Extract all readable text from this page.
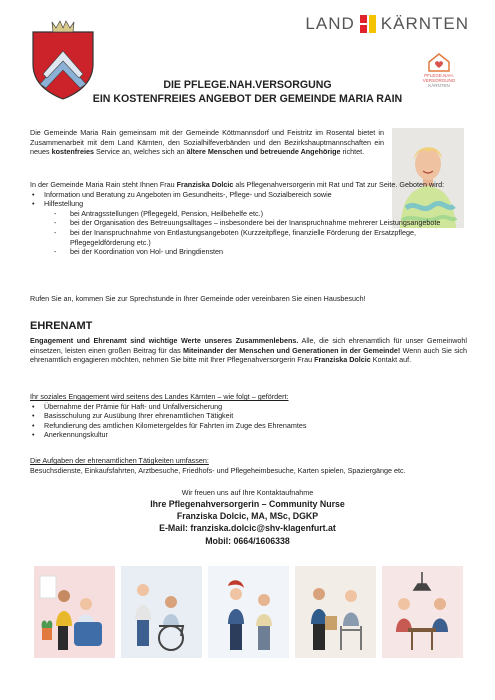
LAND KÄRNTEN
PFLEGE.NAH.
VERSORGUNG
KÄRNTEN
DIE PFLEGE.NAH.VERSORGUNG
EIN KOSTENFREIES ANGEBOT DER GEMEINDE MARIA RAIN

Die Gemeinde Maria Rain gemeinsam mit der Gemeinde Köttmannsdorf und Feistritz im Rosental bietet in Zusammenarbeit mit dem Land Kärnten, den Sozialhilfeverbänden und den Bezirkshauptmannschaften ein neues kostenfreies Service an, welches sich an ältere Menschen und betreuende Angehörige richtet.

In der Gemeinde Maria Rain steht Ihnen Frau Franziska Dolcic als Pflegenahversorgerin mit Rat und Tat zur Seite. Geboten wird:

• Information und Beratung zu Angeboten im Gesundheits-, Pflege- und Sozialbereich sowie
• Hilfestellung
- bei Antragsstellungen (Pflegegeld, Pension, Heilbehelfe etc.)
- bei der Organisation des Betreuungsalltages – insbesondere bei der Inanspruchnahme mehrerer Leistungsangebote
- bei der Inanspruchnahme von Entlastungsangeboten (Kurzzeitpflege, finanzielle Förderung der Ersatzpflege, Pflegegeldförderung etc.)
- bei der Koordination von Hol- und Bringdiensten

Rufen Sie an, kommen Sie zur Sprechstunde in Ihrer Gemeinde oder vereinbaren Sie einen Hausbesuch!

EHRENAMT

Engagement und Ehrenamt sind wichtige Werte unseres Zusammenlebens. Alle, die sich ehrenamtlich für unser Gemeinwohl einsetzen, leisten einen großen Beitrag für das Miteinander der Menschen und Generationen in der Gemeinde! Wenn auch Sie sich ehrenamtlich engagieren möchten, nehmen Sie bitte mit Ihrer Pflegenahversorgerin Frau Franziska Dolcic Kontakt auf.

Ihr soziales Engagement wird seitens des Landes Kärnten – wie folgt – gefördert:

• Übernahme der Prämie für Haft- und Unfallversicherung
• Basisschulung zur Ausübung Ihrer ehrenamtlichen Tätigkeit
• Refundierung des amtlichen Kilometergeldes für Fahrten im Zuge des Ehrenamtes
• Anerkennungskultur

Die Aufgaben der ehrenamtlichen Tätigkeiten umfassen:

Besuchsdienste, Einkaufsfahrten, Arztbesuche, Friedhofs- und Pflegeheimbesuche, Karten spielen, Spaziergänge etc.

Wir freuen uns auf Ihre Kontaktaufnahme
Ihre Pflegenahversorgerin – Community Nurse
Franziska Dolcic, MA, MSc, DGKP
E-Mail: franziska.dolcic@shv-klagenfurt.at
Mobil: 0664/1606338
